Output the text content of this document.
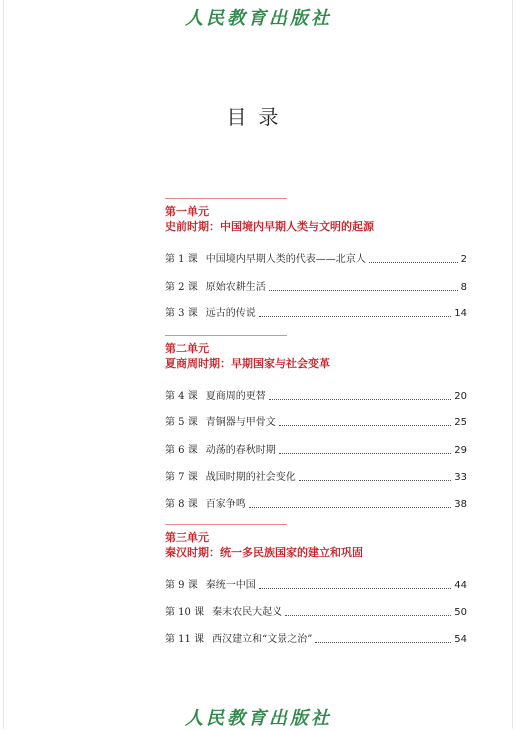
人民教育出版社
目录
第一单元
史前时期：中国境内早期人类与文明的起源
第 1 课 中国境内早期人类的代表——北京人	2
第 2 课 原始农耕生活	8
第 3 课 远古的传说	14
第二单元
夏商周时期：早期国家与社会变革
第 4 课 夏商周的更替	20
第 5 课 青铜器与甲骨文	25
第 6 课 动荡的春秋时期	29
第 7 课 战国时期的社会变化	33
第 8 课 百家争鸣	38
第三单元
秦汉时期：统一多民族国家的建立和巩固
第 9 课 秦统一中国	44
第 10 课 秦末农民大起义	50
第 11 课 西汉建立和“文景之治”	54
人民教育出版社
